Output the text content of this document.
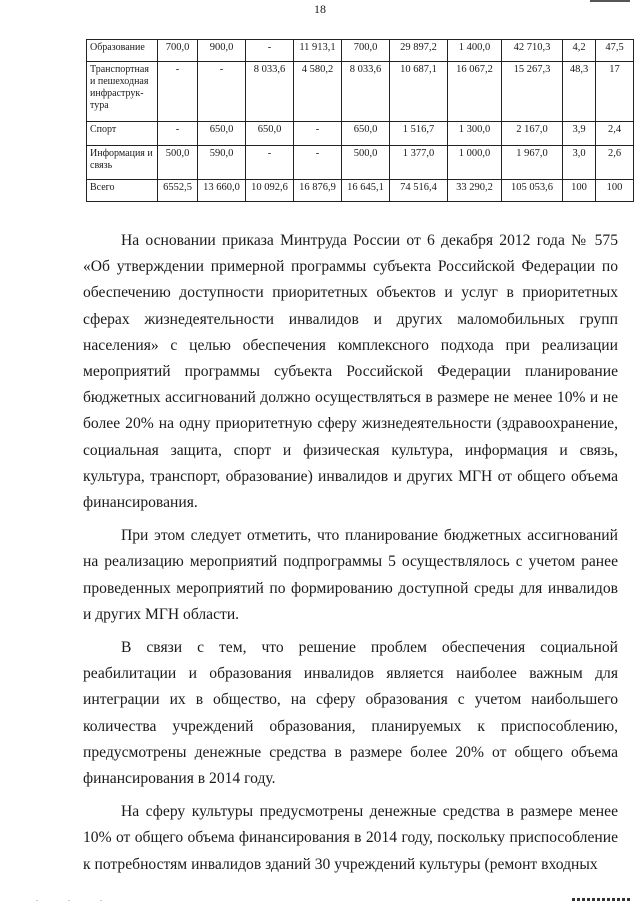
18
Образование	700,0	900,0	-	11 913,1	700,0	29 897,2	1 400,0	42 710,3	4,2	47,5
Транспортная и пешеходная инфраструк-тура	-	-	8 033,6	4 580,2	8 033,6	10 687,1	16 067,2	15 267,3	48,3	17
Спорт	-	650,0	650,0	-	650,0	1 516,7	1 300,0	2 167,0	3,9	2,4
Информация и связь	500,0	590,0	-	-	500,0	1 377,0	1 000,0	1 967,0	3,0	2,6
Всего	6552,5	13 660,0	10 092,6	16 876,9	16 645,1	74 516,4	33 290,2	105 053,6	100	100

На основании приказа Минтруда России от 6 декабря 2012 года № 575 «Об утверждении примерной программы субъекта Российской Федерации по обеспечению доступности приоритетных объектов и услуг в приоритетных сферах жизнедеятельности инвалидов и других маломобильных групп населения» с целью обеспечения комплексного подхода при реализации мероприятий программы субъекта Российской Федерации планирование бюджетных ассигнований должно осуществляться в размере не менее 10% и не более 20% на одну приоритетную сферу жизнедеятельности (здравоохранение, социальная защита, спорт и физическая культура, информация и связь, культура, транспорт, образование) инвалидов и других МГН от общего объема финансирования.

При этом следует отметить, что планирование бюджетных ассигнований на реализацию мероприятий подпрограммы 5 осуществлялось с учетом ранее проведенных мероприятий по формированию доступной среды для инвалидов и других МГН области.

В связи с тем, что решение проблем обеспечения социальной реабилитации и образования инвалидов является наиболее важным для интеграции их в общество, на сферу образования с учетом наибольшего количества учреждений образования, планируемых к приспособлению, предусмотрены денежные средства в размере более 20% от общего объема финансирования в 2014 году.

На сферу культуры предусмотрены денежные средства в размере менее 10% от общего объема финансирования в 2014 году, поскольку приспособление к потребностям инвалидов зданий 30 учреждений культуры (ремонт входных

. . .
